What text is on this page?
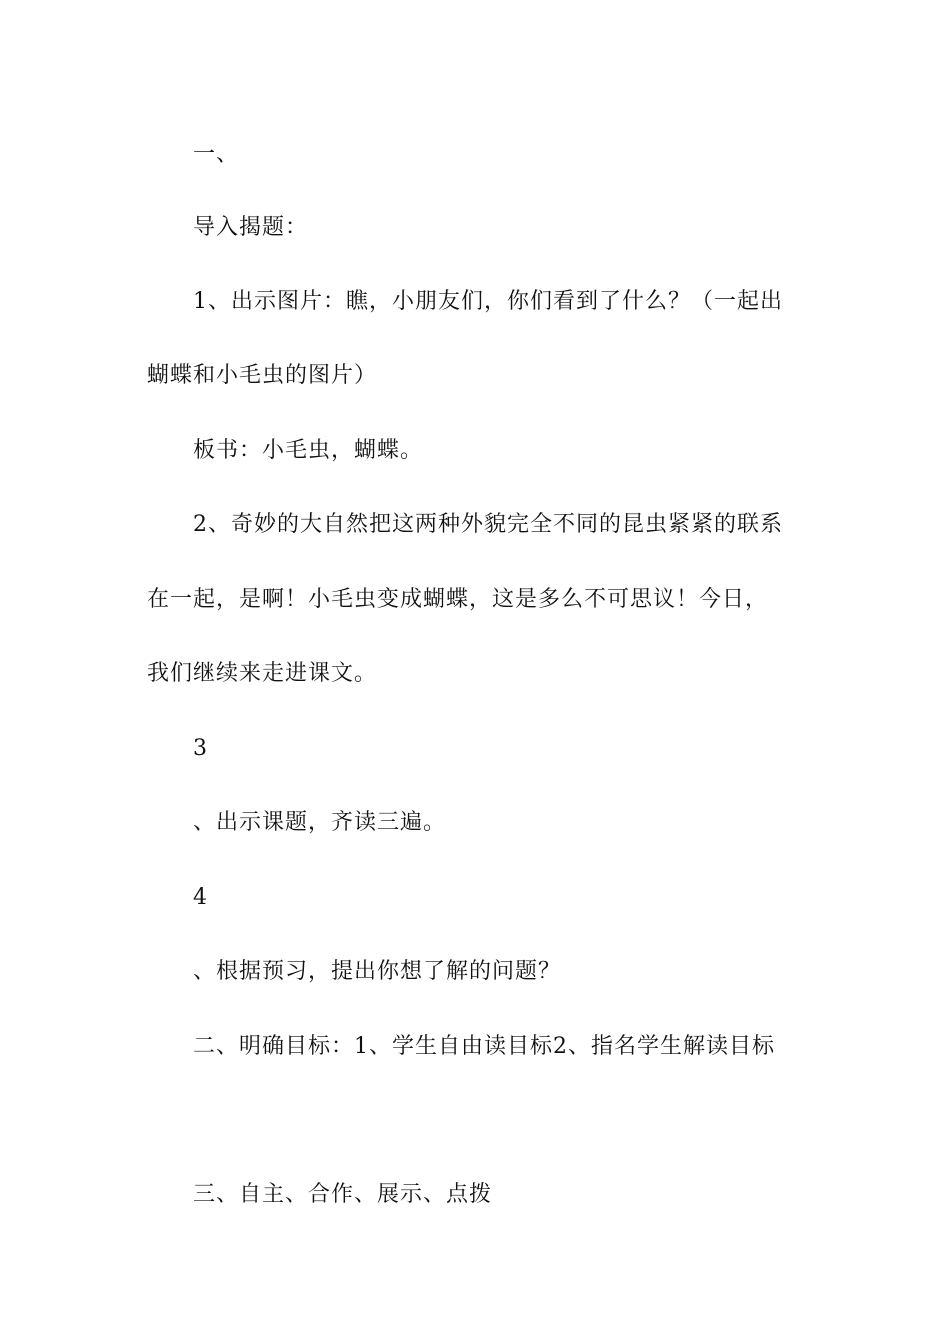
一、
导入揭题：
1、出示图片：瞧，小朋友们，你们看到了什么？（一起出
蝴蝶和小毛虫的图片）
板书：小毛虫，蝴蝶。
2、奇妙的大自然把这两种外貌完全不同的昆虫紧紧的联系
在一起，是啊！小毛虫变成蝴蝶，这是多么不可思议！今日，
我们继续来走进课文。
3
、出示课题，齐读三遍。
4
、根据预习，提出你想了解的问题？
二、明确目标：1、学生自由读目标2、指名学生解读目标
三、自主、合作、展示、点拨
